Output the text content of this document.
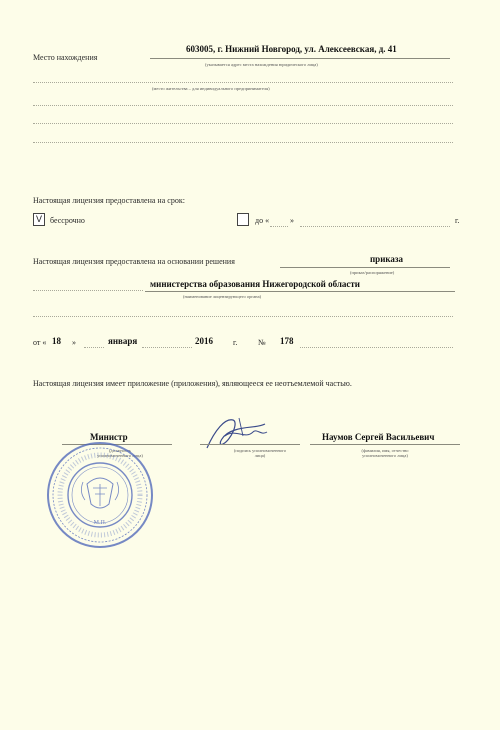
Место нахождения
603005, г. Нижний Новгород, ул. Алексеевская, д. 41
(указывается адрес места нахождения юридического лица)
(место жительства – для индивидуального предпринимателя)
Настоящая лицензия предоставлена на срок:
V	бессрочно	до «	»	г.
Настоящая лицензия предоставлена на основании решения	приказа
(приказ/распоряжение)
министерства образования Нижегородской области
(наименование лицензирующего органа)
от « 18 »	января	2016	г.	№ 178
Настоящая лицензия имеет приложение (приложения), являющееся ее неотъемлемой частью.
Министр
(должность уполномоченного лица)
(подпись уполномоченного лица)
Наумов Сергей Васильевич
(фамилия, имя, отчество уполномоченного лица)
М.П.
